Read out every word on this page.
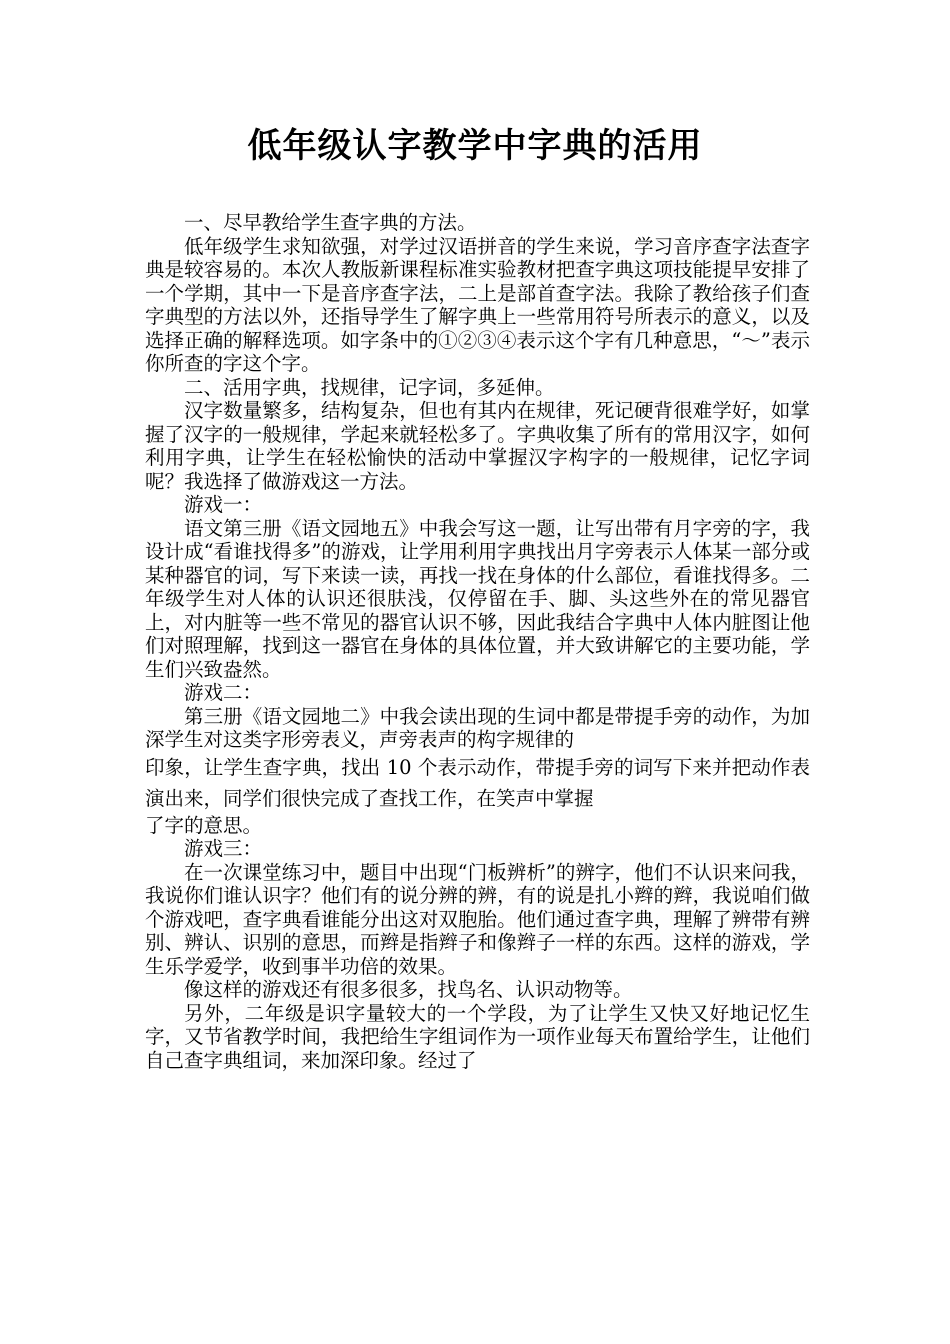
低年级认字教学中字典的活用

一、尽早教给学生查字典的方法。

低年级学生求知欲强，对学过汉语拼音的学生来说，学习音序查字法查字典是较容易的。本次人教版新课程标准实验教材把查字典这项技能提早安排了一个学期，其中一下是音序查字法，二上是部首查字法。我除了教给孩子们查字典型的方法以外，还指导学生了解字典上一些常用符号所表示的意义，以及选择正确的解释选项。如字条中的①②③④表示这个字有几种意思，“～”表示你所查的字这个字。

二、活用字典，找规律，记字词，多延伸。

汉字数量繁多，结构复杂，但也有其内在规律，死记硬背很难学好，如掌握了汉字的一般规律，学起来就轻松多了。字典收集了所有的常用汉字，如何利用字典，让学生在轻松愉快的活动中掌握汉字构字的一般规律，记忆字词呢？我选择了做游戏这一方法。

游戏一：

语文第三册《语文园地五》中我会写这一题，让写出带有月字旁的字，我设计成“看谁找得多”的游戏，让学用利用字典找出月字旁表示人体某一部分或某种器官的词，写下来读一读，再找一找在身体的什么部位，看谁找得多。二年级学生对人体的认识还很肤浅，仅停留在手、脚、头这些外在的常见器官上，对内脏等一些不常见的器官认识不够，因此我结合字典中人体内脏图让他们对照理解，找到这一器官在身体的具体位置，并大致讲解它的主要功能，学生们兴致盎然。

游戏二：

第三册《语文园地二》中我会读出现的生词中都是带提手旁的动作，为加深学生对这类字形旁表义，声旁表声的构字规律的

印象，让学生查字典，找出 10 个表示动作，带提手旁的词写下来并把动作表演出来，同学们很快完成了查找工作，在笑声中掌握

了字的意思。

游戏三：

在一次课堂练习中，题目中出现“门板辨析”的辨字，他们不认识来问我，我说你们谁认识字？他们有的说分辨的辨，有的说是扎小辫的辫，我说咱们做个游戏吧，查字典看谁能分出这对双胞胎。他们通过查字典，理解了辨带有辨别、辨认、识别的意思，而辫是指辫子和像辫子一样的东西。这样的游戏，学生乐学爱学，收到事半功倍的效果。

像这样的游戏还有很多很多，找鸟名、认识动物等。

另外，二年级是识字量较大的一个学段，为了让学生又快又好地记忆生字，又节省教学时间，我把给生字组词作为一项作业每天布置给学生，让他们自己查字典组词，来加深印象。经过了
